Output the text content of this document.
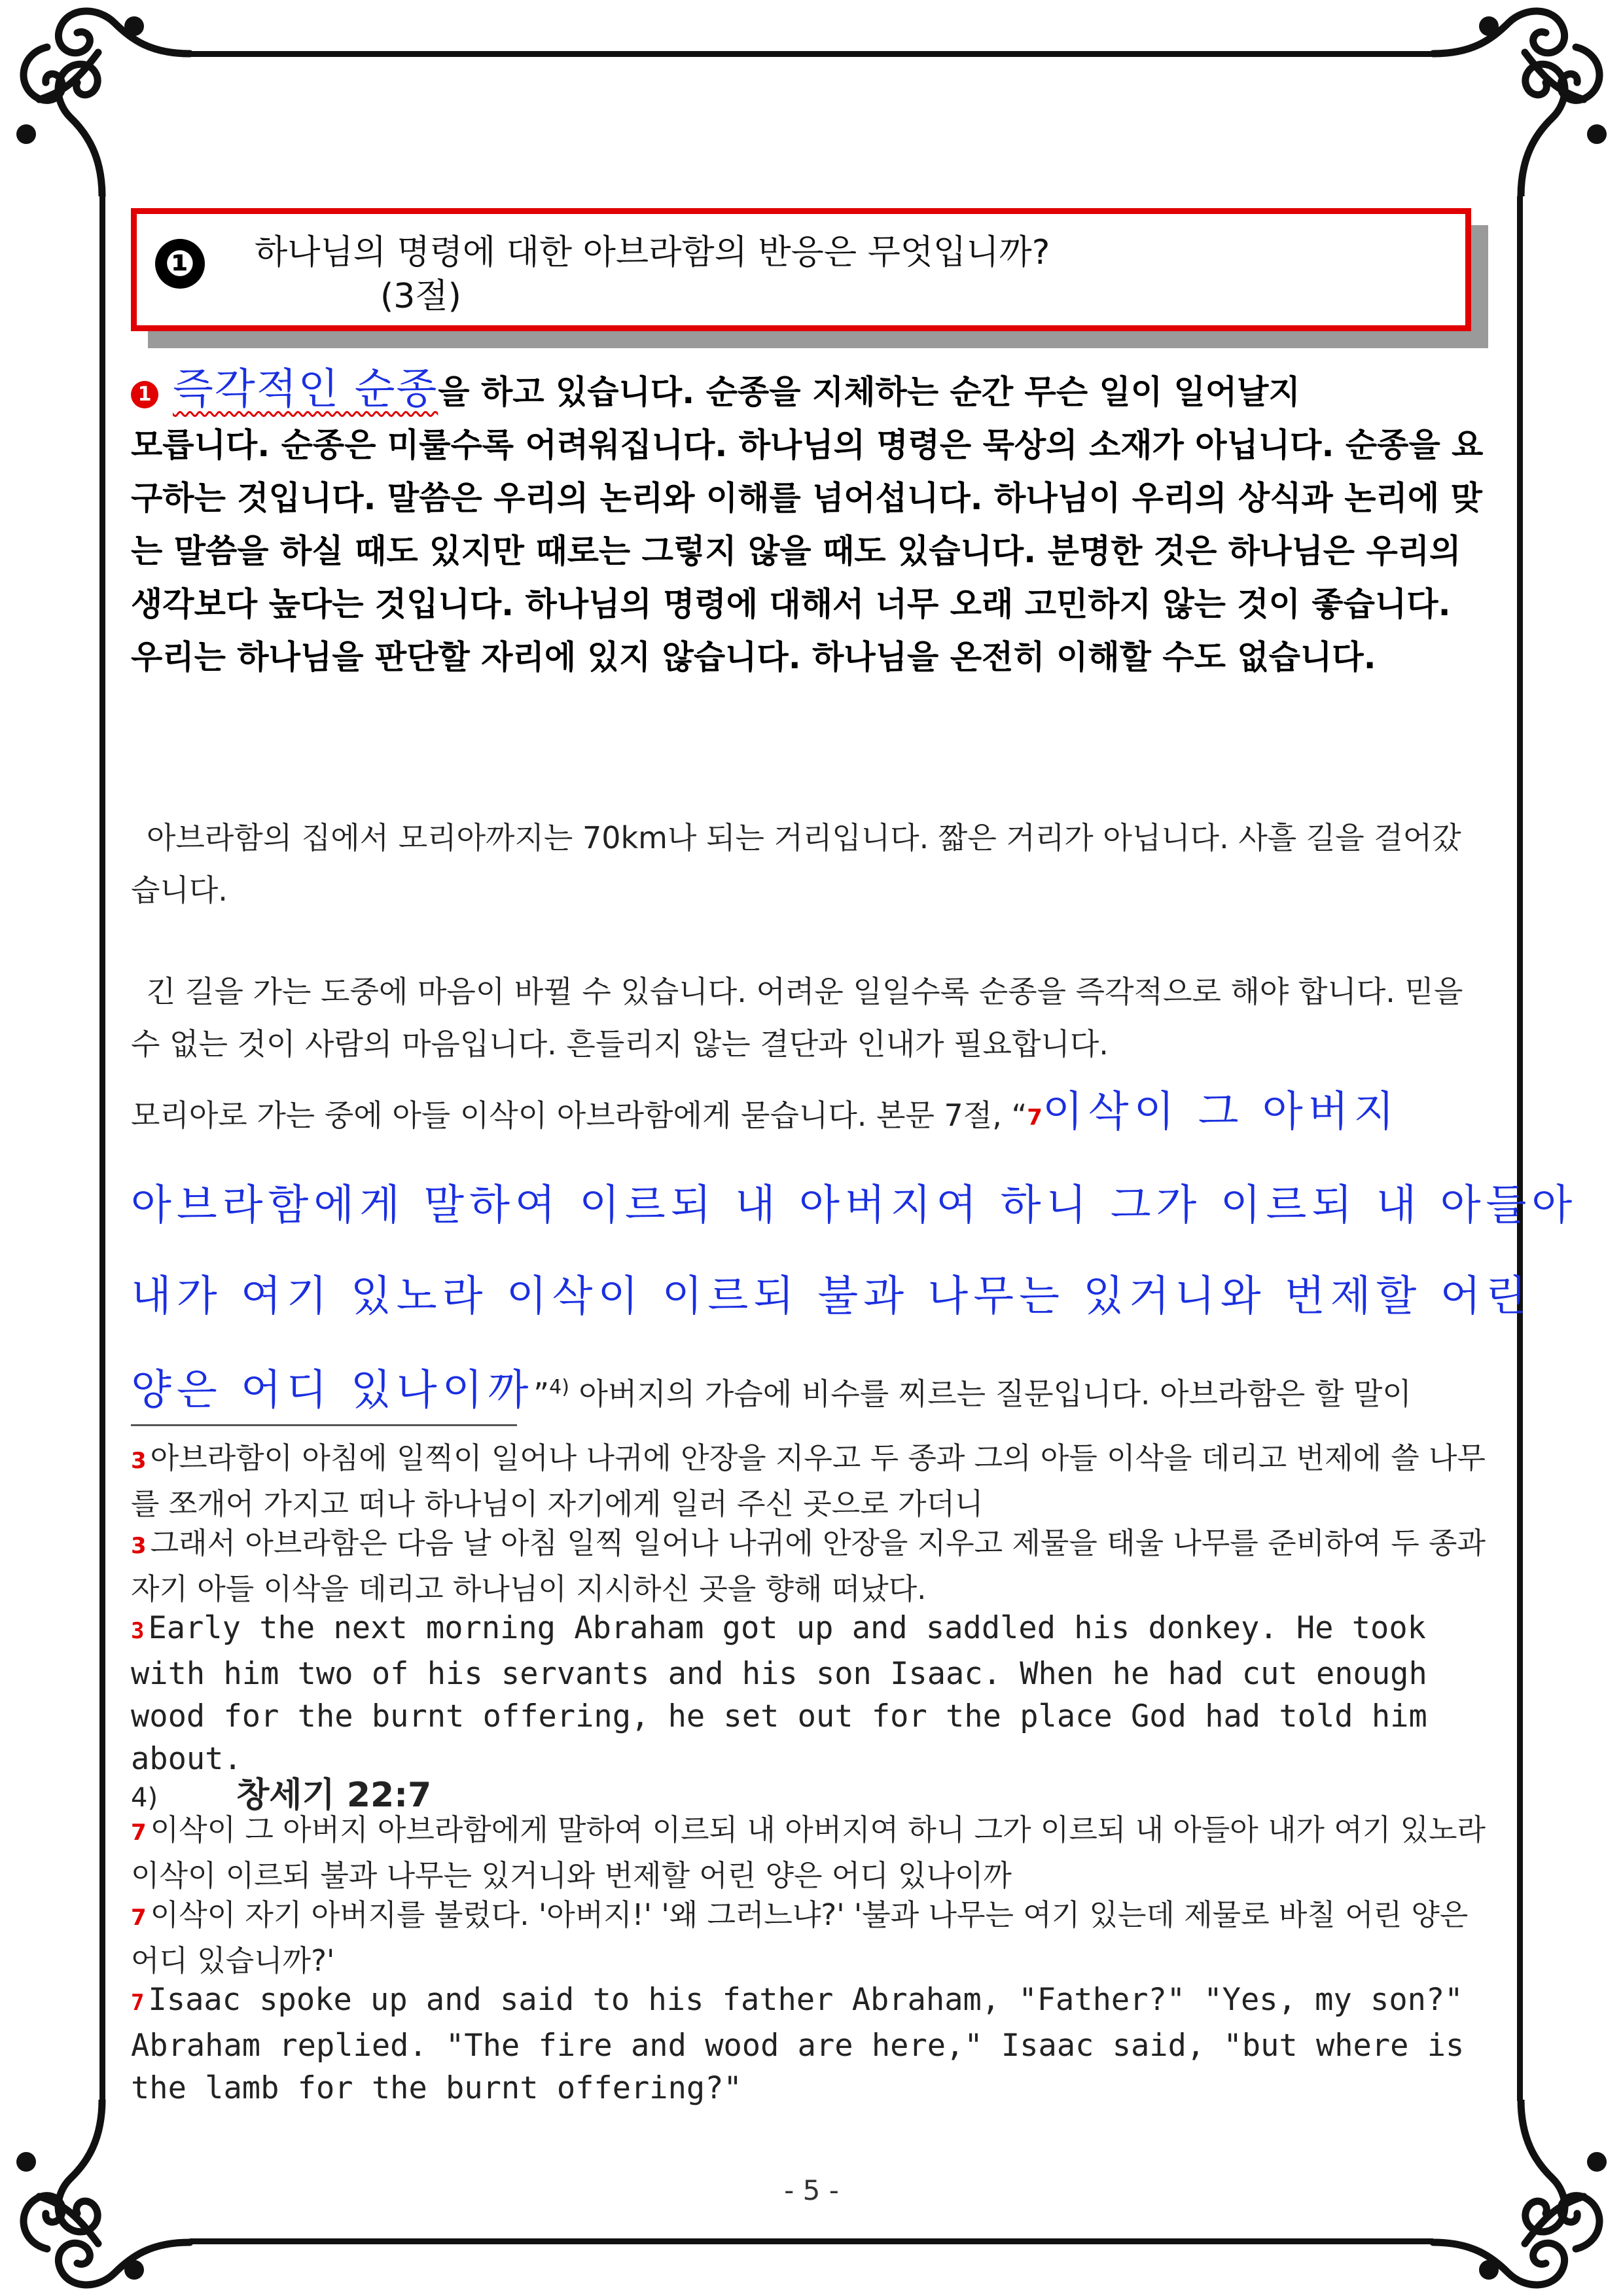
❶ 하나님의 명령에 대한 아브라함의 반응은 무엇입니까?
(3절)
1 즉각적인 순종을 하고 있습니다. 순종을 지체하는 순간 무슨 일이 일어날지
모릅니다. 순종은 미룰수록 어려워집니다. 하나님의 명령은 묵상의 소재가 아닙니다. 순종을 요구하는 것입니다. 말씀은 우리의 논리와 이해를 넘어섭니다. 하나님이 우리의 상식과 논리에 맞는 말씀을 하실 때도 있지만 때로는 그렇지 않을 때도 있습니다. 분명한 것은 하나님은 우리의 생각보다 높다는 것입니다. 하나님의 명령에 대해서 너무 오래 고민하지 않는 것이 좋습니다. 우리는 하나님을 판단할 자리에 있지 않습니다. 하나님을 온전히 이해할 수도 없습니다.
아브라함의 집에서 모리아까지는 70km나 되는 거리입니다. 짧은 거리가 아닙니다. 사흘 길을 걸어갔습니다.
긴 길을 가는 도중에 마음이 바뀔 수 있습니다. 어려운 일일수록 순종을 즉각적으로 해야 합니다. 믿을 수 없는 것이 사람의 마음입니다. 흔들리지 않는 결단과 인내가 필요합니다.
모리아로 가는 중에 아들 이삭이 아브라함에게 묻습니다. 본문 7절, “7이삭이 그 아버지
아브라함에게 말하여 이르되 내 아버지여 하니 그가 이르되 내 아들아
내가 여기 있노라 이삭이 이르되 불과 나무는 있거니와 번제할 어린
양은 어디 있나이까”$^{4)}$ 아버지의 가슴에 비수를 찌르는 질문입니다. 아브라함은 할 말이
3 아브라함이 아침에 일찍이 일어나 나귀에 안장을 지우고 두 종과 그의 아들 이삭을 데리고 번제에 쓸 나무를 쪼개어 가지고 떠나 하나님이 자기에게 일러 주신 곳으로 가더니
3 그래서 아브라함은 다음 날 아침 일찍 일어나 나귀에 안장을 지우고 제물을 태울 나무를 준비하여 두 종과 자기 아들 이삭을 데리고 하나님이 지시하신 곳을 향해 떠났다.
3 Early the next morning Abraham got up and saddled his donkey. He took with him two of his servants and his son Isaac. When he had cut enough wood for the burnt offering, he set out for the place God had told him about.
4) 창세기 22:7
7 이삭이 그 아버지 아브라함에게 말하여 이르되 내 아버지여 하니 그가 이르되 내 아들아 내가 여기 있노라 이삭이 이르되 불과 나무는 있거니와 번제할 어린 양은 어디 있나이까
7 이삭이 자기 아버지를 불렀다. '아버지!' '왜 그러느냐?' '불과 나무는 여기 있는데 제물로 바칠 어린 양은 어디 있습니까?'
7 Isaac spoke up and said to his father Abraham, "Father?" "Yes, my son?" Abraham replied. "The fire and wood are here," Isaac said, "but where is the lamb for the burnt offering?"
- 5 -
